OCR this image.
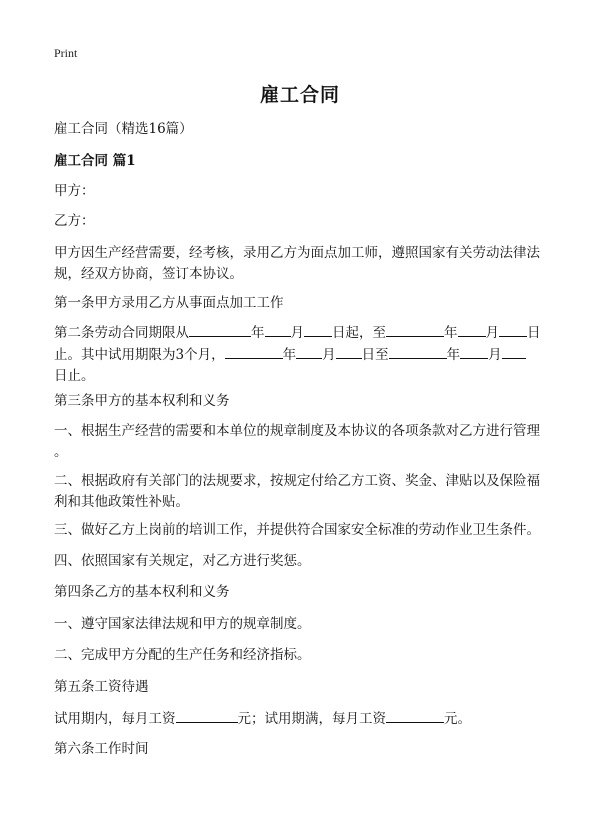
Print
雇工合同

雇工合同（精选16篇）

雇工合同 篇1

甲方：

乙方：

甲方因生产经营需要，经考核，录用乙方为面点加工师，遵照国家有关劳动法律法
规，经双方协商，签订本协议。

第一条甲方录用乙方从事面点加工工作

第二条劳动合同期限从	年 月 日起，至	年 月 日
止。其中试用期限为3个月，	年 月 日至	年 月
日止。

第三条甲方的基本权利和义务

一、根据生产经营的需要和本单位的规章制度及本协议的各项条款对乙方进行管理
。

二、根据政府有关部门的法规要求，按规定付给乙方工资、奖金、津贴以及保险福
利和其他政策性补贴。

三、做好乙方上岗前的培训工作，并提供符合国家安全标准的劳动作业卫生条件。

四、依照国家有关规定，对乙方进行奖惩。

第四条乙方的基本权利和义务

一、遵守国家法律法规和甲方的规章制度。

二、完成甲方分配的生产任务和经济指标。

第五条工资待遇

试用期内，每月工资	元；试用期满，每月工资	元。

第六条工作时间
